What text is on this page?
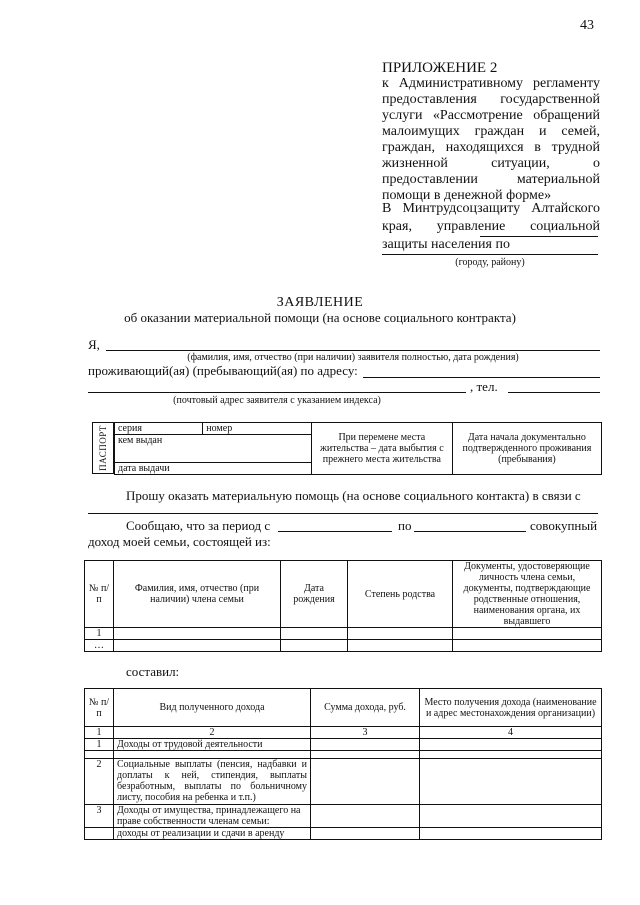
43
ПРИЛОЖЕНИЕ 2
к Административному регламенту предоставления государственной услуги «Рассмотрение обращений малоимущих граждан и семей, граждан, находящихся в трудной жизненной ситуации, о предоставлении материальной помощи в денежной форме»
В Минтрудсоцзащиту Алтайского края, управление социальной защиты населения по
(городу, району)
ЗАЯВЛЕНИЕ
об оказании материальной помощи (на основе социального контракта)
Я,
(фамилия, имя, отчество (при наличии) заявителя полностью, дата рождения)
проживающий(ая) (пребывающий(ая) по адресу:
, тел.
(почтовый адрес заявителя с указанием индекса)
ПАСПОРТ серия	номер	При перемене места жительства – дата выбытия с прежнего места жительства	Дата начала документально подтвержденного проживания (пребывания)
кем выдан
дата выдачи
Прошу оказать материальную помощь (на основе социального контакта) в связи с
Сообщаю, что за период с	по	совокупный
доход моей семьи, состоящей из:
№ п/п	Фамилия, имя, отчество (при наличии) члена семьи	Дата рождения	Степень родства	Документы, удостоверяющие личность члена семьи, документы, подтверждающие родственные отношения, наименования органа, их выдавшего
1				
…				
составил:
№ п/п	Вид полученного дохода	Сумма дохода, руб.	Место получения дохода (наименование и адрес местонахождения организации)
1	2	3	4
1	Доходы от трудовой деятельности		

2	Социальные выплаты (пенсия, надбавки и доплаты к ней, стипендия, выплаты безработным, выплаты по больничному листу, пособия на ребенка и т.п.)		
3	Доходы от имущества, принадлежащего на праве собственности членам семьи:		
	доходы от реализации и сдачи в аренду		
